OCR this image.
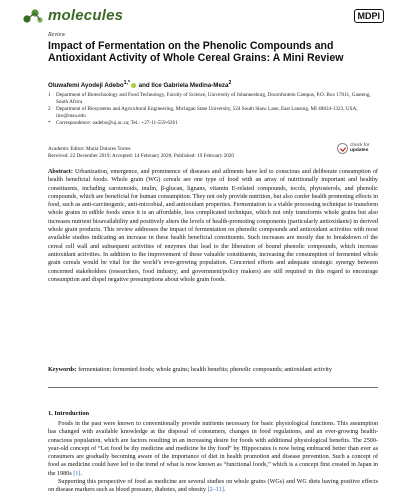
molecules	MDPI
Review
Impact of Fermentation on the Phenolic Compounds and Antioxidant Activity of Whole Cereal Grains: A Mini Review
Oluwafemi Ayodeji Adebo$^{1,*}$ and Ilce Gabriela Medina-Meza$^2$
1	Department of Biotechnology and Food Technology, Faculty of Science, University of Johannesburg, Doornfontein Campus, P.O. Box 17011, Gauteng, South Africa
2	Department of Biosystems and Agricultural Engineering, Michigan State University, 524 South Shaw Lane, East Lansing, MI 48824-1323, USA; ilce@msu.edu
*	Correspondence: oadebo@uj.ac.za; Tel.: +27-11-559-6261
Academic Editor: Maria Dolores Torres
Received: 22 December 2019; Accepted: 14 February 2020; Published: 19 February 2020
check for
updates

Abstract: Urbanization, emergence, and prominence of diseases and ailments have led to conscious and deliberate consumption of health beneficial foods. Whole grain (WG) cereals are one type of food with an array of nutritionally important and healthy constituents, including carotenoids, inulin, β-glucan, lignans, vitamin E-related compounds, tocols, phytosterols, and phenolic compounds, which are beneficial for human consumption. They not only provide nutrition, but also confer health promoting effects in food, such as anti-carcinogenic, anti-microbial, and antioxidant properties. Fermentation is a viable processing technique to transform whole grains in edible foods since it is an affordable, less complicated technique, which not only transforms whole grains but also increases nutrient bioavailability and positively alters the levels of health-promoting components (particularly antioxidants) in derived whole grain products. This review addresses the impact of fermentation on phenolic compounds and antioxidant activities with most available studies indicating an increase in these health beneficial constituents. Such increases are mostly due to breakdown of the cereal cell wall and subsequent activities of enzymes that lead to the liberation of bound phenolic compounds, which increase antioxidant activities. In addition to the improvement of these valuable constituents, increasing the consumption of fermented whole grain cereals would be vital for the world’s ever-growing population. Concerted efforts and adequate strategic synergy between concerned stakeholders (researchers, food industry, and government/policy makers) are still required in this regard to encourage consumption and dispel negative presumptions about whole grain foods.

Keywords: fermentation; fermented foods; whole grains; health benefits; phenolic compounds; antioxidant activity

1. Introduction

Foods in the past were known to conventionally provide nutrients necessary for basic physiological functions. This assumption has changed with available knowledge at the disposal of consumers, changes in food regulations, and an ever-growing health-conscious population, which are factors resulting in an increasing desire for foods with additional physiological benefits. The 2500-year-old concept of “Let food be thy medicine and medicine be thy food” by Hippocrates is now being embraced better than ever as consumers are gradually becoming aware of the importance of diet in health promotion and disease prevention. Such a concept of food as medicine could have led to the trend of what is now known as “functional foods,” which is a concept first created in Japan in the 1980s [1].

Supporting this perspective of food as medicine are several studies on whole grains (WGs) and WG diets having positive effects on disease markers such as blood pressure, diabetes, and obesity [2–11].
